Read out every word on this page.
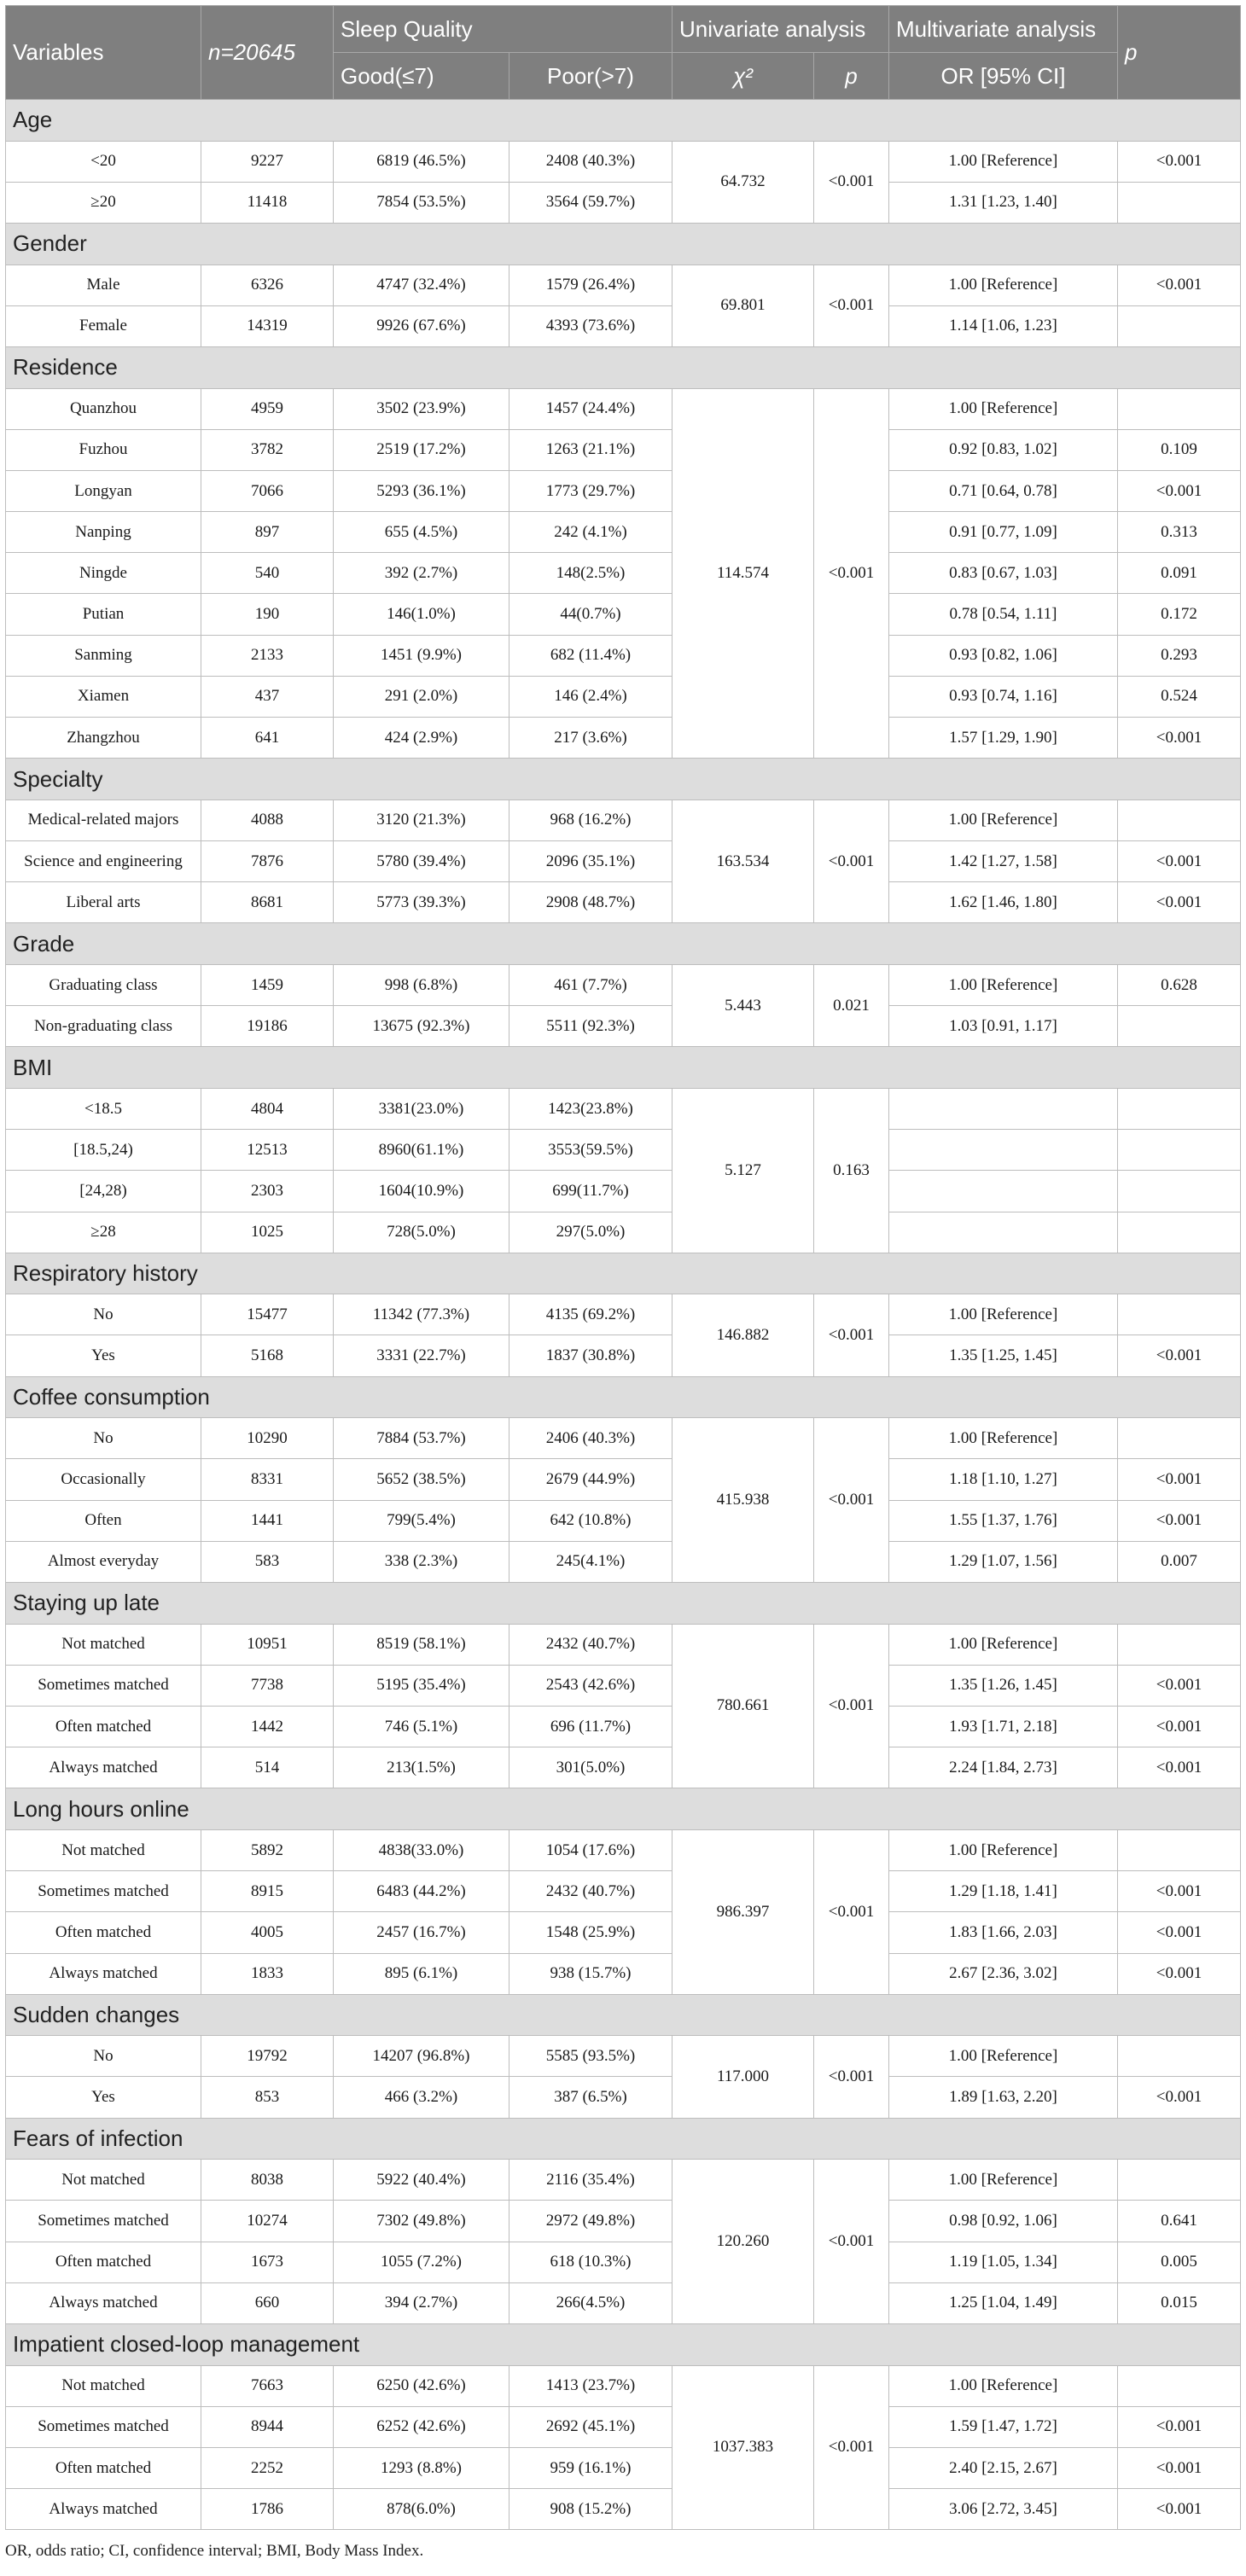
Variables	n=20645	Sleep Quality		Univariate analysis		Multivariate analysis	p
		Good(≤7)	Poor(>7)	χ²	p	OR [95% CI]	
Age							
<20	9227	6819 (46.5%)	2408 (40.3%)	64.732	<0.001	1.00 [Reference]	<0.001
≥20	11418	7854 (53.5%)	3564 (59.7%)			1.31 [1.23, 1.40]	
Gender							
Male	6326	4747 (32.4%)	1579 (26.4%)	69.801	<0.001	1.00 [Reference]	<0.001
Female	14319	9926 (67.6%)	4393 (73.6%)			1.14 [1.06, 1.23]	
Residence							
Quanzhou	4959	3502 (23.9%)	1457 (24.4%)	114.574	<0.001	1.00 [Reference]	
Fuzhou	3782	2519 (17.2%)	1263 (21.1%)			0.92 [0.83, 1.02]	0.109
Longyan	7066	5293 (36.1%)	1773 (29.7%)			0.71 [0.64, 0.78]	<0.001
Nanping	897	655 (4.5%)	242 (4.1%)			0.91 [0.77, 1.09]	0.313
Ningde	540	392 (2.7%)	148(2.5%)			0.83 [0.67, 1.03]	0.091
Putian	190	146(1.0%)	44(0.7%)			0.78 [0.54, 1.11]	0.172
Sanming	2133	1451 (9.9%)	682 (11.4%)			0.93 [0.82, 1.06]	0.293
Xiamen	437	291 (2.0%)	146 (2.4%)			0.93 [0.74, 1.16]	0.524
Zhangzhou	641	424 (2.9%)	217 (3.6%)			1.57 [1.29, 1.90]	<0.001
Specialty							
Medical-related majors	4088	3120 (21.3%)	968 (16.2%)	163.534	<0.001	1.00 [Reference]	
Science and engineering	7876	5780 (39.4%)	2096 (35.1%)			1.42 [1.27, 1.58]	<0.001
Liberal arts	8681	5773 (39.3%)	2908 (48.7%)			1.62 [1.46, 1.80]	<0.001
Grade							
Graduating class	1459	998 (6.8%)	461 (7.7%)	5.443	0.021	1.00 [Reference]	0.628
Non-graduating class	19186	13675 (92.3%)	5511 (92.3%)			1.03 [0.91, 1.17]	
BMI							
<18.5	4804	3381(23.0%)	1423(23.8%)	5.127	0.163		
[18.5,24)	12513	8960(61.1%)	3553(59.5%)				
[24,28)	2303	1604(10.9%)	699(11.7%)				
≥28	1025	728(5.0%)	297(5.0%)				
Respiratory history							
No	15477	11342 (77.3%)	4135 (69.2%)	146.882	<0.001	1.00 [Reference]	
Yes	5168	3331 (22.7%)	1837 (30.8%)			1.35 [1.25, 1.45]	<0.001
Coffee consumption							
No	10290	7884 (53.7%)	2406 (40.3%)	415.938	<0.001	1.00 [Reference]	
Occasionally	8331	5652 (38.5%)	2679 (44.9%)			1.18 [1.10, 1.27]	<0.001
Often	1441	799(5.4%)	642 (10.8%)			1.55 [1.37, 1.76]	<0.001
Almost everyday	583	338 (2.3%)	245(4.1%)			1.29 [1.07, 1.56]	0.007
Staying up late							
Not matched	10951	8519 (58.1%)	2432 (40.7%)	780.661	<0.001	1.00 [Reference]	
Sometimes matched	7738	5195 (35.4%)	2543 (42.6%)			1.35 [1.26, 1.45]	<0.001
Often matched	1442	746 (5.1%)	696 (11.7%)			1.93 [1.71, 2.18]	<0.001
Always matched	514	213(1.5%)	301(5.0%)			2.24 [1.84, 2.73]	<0.001
Long hours online							
Not matched	5892	4838(33.0%)	1054 (17.6%)	986.397	<0.001	1.00 [Reference]	
Sometimes matched	8915	6483 (44.2%)	2432 (40.7%)			1.29 [1.18, 1.41]	<0.001
Often matched	4005	2457 (16.7%)	1548 (25.9%)			1.83 [1.66, 2.03]	<0.001
Always matched	1833	895 (6.1%)	938 (15.7%)			2.67 [2.36, 3.02]	<0.001
Sudden changes							
No	19792	14207 (96.8%)	5585 (93.5%)	117.000	<0.001	1.00 [Reference]	
Yes	853	466 (3.2%)	387 (6.5%)			1.89 [1.63, 2.20]	<0.001
Fears of infection							
Not matched	8038	5922 (40.4%)	2116 (35.4%)	120.260	<0.001	1.00 [Reference]	
Sometimes matched	10274	7302 (49.8%)	2972 (49.8%)			0.98 [0.92, 1.06]	0.641
Often matched	1673	1055 (7.2%)	618 (10.3%)			1.19 [1.05, 1.34]	0.005
Always matched	660	394 (2.7%)	266(4.5%)			1.25 [1.04, 1.49]	0.015
Impatient closed-loop management							
Not matched	7663	6250 (42.6%)	1413 (23.7%)	1037.383	<0.001	1.00 [Reference]	
Sometimes matched	8944	6252 (42.6%)	2692 (45.1%)			1.59 [1.47, 1.72]	<0.001
Often matched	2252	1293 (8.8%)	959 (16.1%)			2.40 [2.15, 2.67]	<0.001
Always matched	1786	878(6.0%)	908 (15.2%)			3.06 [2.72, 3.45]	<0.001
OR, odds ratio; CI, confidence interval; BMI, Body Mass Index.
